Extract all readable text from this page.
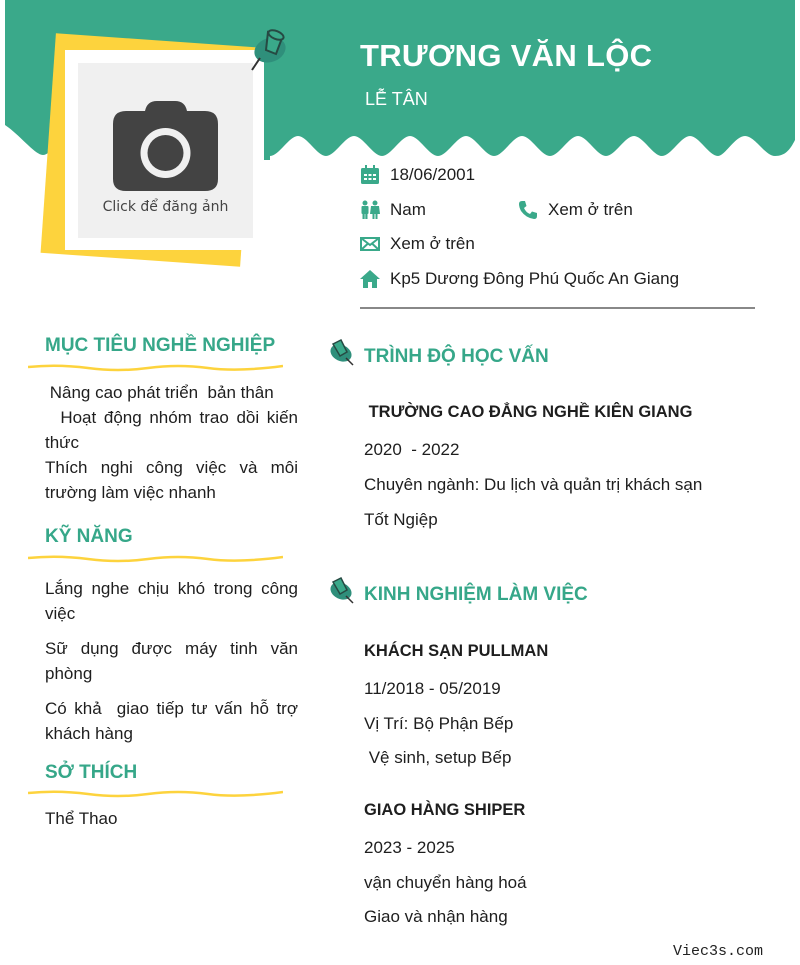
Click để đăng ảnh
TRƯƠNG VĂN LỘC
LỄ TÂN
18/06/2001
Nam	Xem ở trên
Xem ở trên
Kp5 Dương Đông Phú Quốc An Giang
MỤC TIÊU NGHỀ NGHIỆP

Nâng cao phát triển  bản thân

Hoạt động nhóm trao dồi kiến thức

Thích nghi công việc và môi trường làm việc nhanh

KỸ NĂNG

Lắng nghe chịu khó trong công việc

Sữ dụng được máy tinh văn phòng

Có khả  giao tiếp tư vấn hỗ trợ khách hàng

SỞ THÍCH

Thể Thao

TRÌNH ĐỘ HỌC VẤN
TRƯỜNG CAO ĐẲNG NGHỀ KIÊN GIANG
2020  - 2022
Chuyên ngành: Du lịch và quản trị khách sạn
Tốt Ngiệp
KINH NGHIỆM LÀM VIỆC
KHÁCH SẠN PULLMAN
11/2018 - 05/2019
Vị Trí: Bộ Phận Bếp
Vệ sinh, setup Bếp
GIAO HÀNG SHIPER
2023 - 2025
vận chuyển hàng hoá
Giao và nhận hàng
Viec3s.com
